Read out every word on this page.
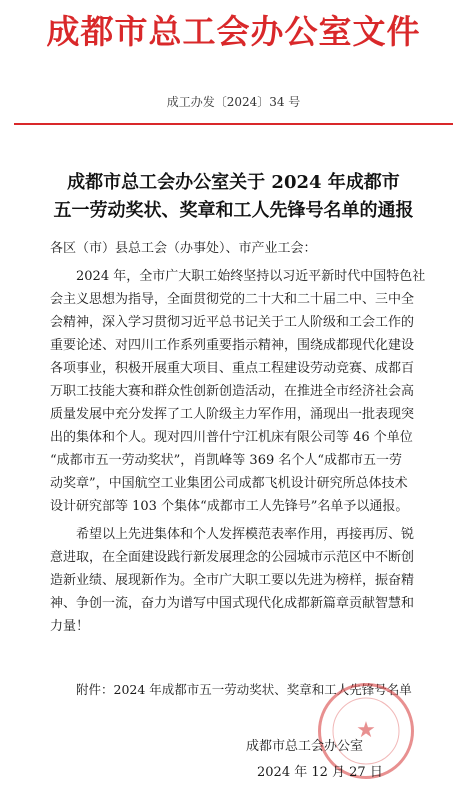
成都市总工会办公室文件
成工办发〔2024〕34 号
成都市总工会办公室关于 2024 年成都市
五一劳动奖状、奖章和工人先锋号名单的通报
各区（市）县总工会（办事处）、市产业工会：
2024 年，全市广大职工始终坚持以习近平新时代中国特色社
会主义思想为指导，全面贯彻党的二十大和二十届二中、三中全
会精神，深入学习贯彻习近平总书记关于工人阶级和工会工作的
重要论述、对四川工作系列重要指示精神，围绕成都现代化建设
各项事业，积极开展重大项目、重点工程建设劳动竞赛、成都百
万职工技能大赛和群众性创新创造活动，在推进全市经济社会高
质量发展中充分发挥了工人阶级主力军作用，涌现出一批表现突
出的集体和个人。现对四川普什宁江机床有限公司等 46 个单位
“成都市五一劳动奖状”，肖凯峰等 369 名个人“成都市五一劳
动奖章”，中国航空工业集团公司成都飞机设计研究所总体技术
设计研究部等 103 个集体“成都市工人先锋号”名单予以通报。
希望以上先进集体和个人发挥模范表率作用，再接再厉、锐
意进取，在全面建设践行新发展理念的公园城市示范区中不断创
造新业绩、展现新作为。全市广大职工要以先进为榜样，振奋精
神、争创一流，奋力为谱写中国式现代化成都新篇章贡献智慧和
力量！
附件：2024 年成都市五一劳动奖状、奖章和工人先锋号名单
★
成都市总工会办公室
2024 年 12 月 27 日
